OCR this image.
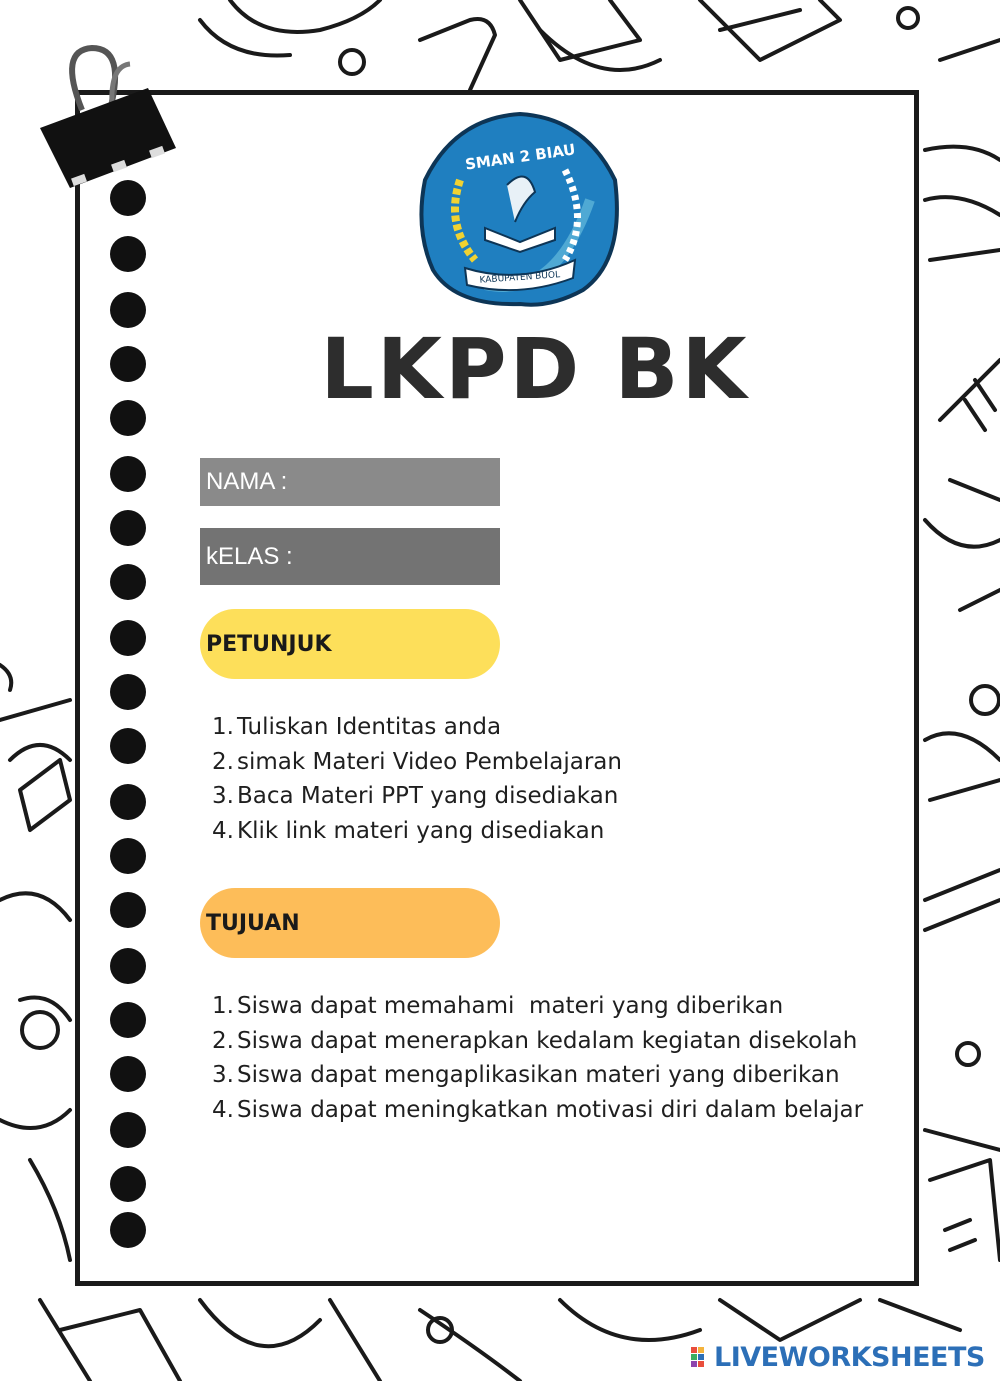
SMAN 2 BIAU
KABUPATEN BUOL
LKPD BK
NAMA :
kELAS :
PETUNJUK
1. Tuliskan Identitas anda
2. simak Materi Video Pembelajaran
3. Baca Materi PPT yang disediakan
4. Klik link materi yang disediakan
TUJUAN
1. Siswa dapat memahami  materi yang diberikan
2. Siswa dapat menerapkan kedalam kegiatan disekolah
3. Siswa dapat mengaplikasikan materi yang diberikan
4. Siswa dapat meningkatkan motivasi diri dalam belajar
LIVEWORKSHEETS
